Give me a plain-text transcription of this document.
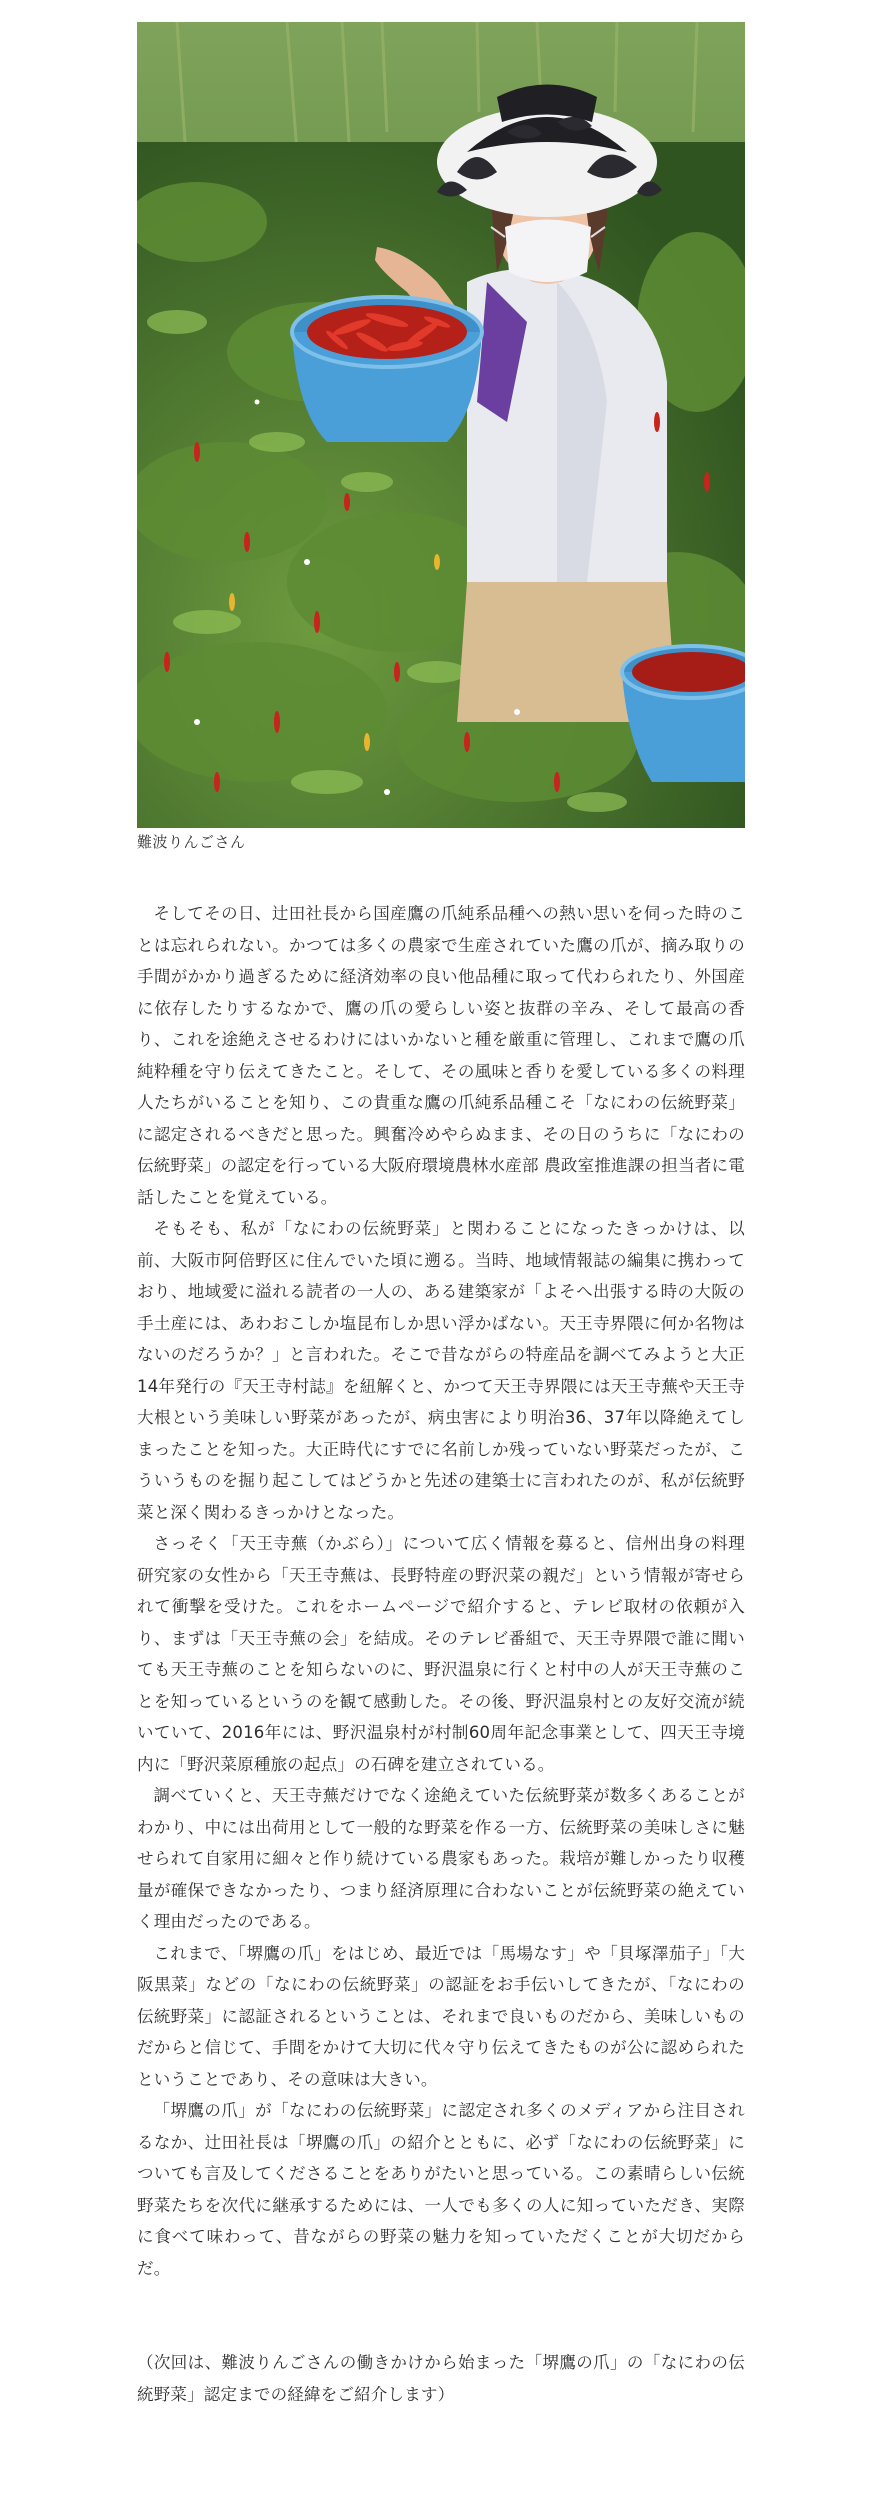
難波りんごさん

そしてその日、辻田社長から国産鷹の爪純系品種への熱い思いを伺った時のことは忘れられない。かつては多くの農家で生産されていた鷹の爪が、摘み取りの手間がかかり過ぎるために経済効率の良い他品種に取って代わられたり、外国産に依存したりするなかで、鷹の爪の愛らしい姿と抜群の辛み、そして最高の香り、これを途絶えさせるわけにはいかないと種を厳重に管理し、これまで鷹の爪純粋種を守り伝えてきたこと。そして、その風味と香りを愛している多くの料理人たちがいることを知り、この貴重な鷹の爪純系品種こそ「なにわの伝統野菜」に認定されるべきだと思った。興奮冷めやらぬまま、その日のうちに「なにわの伝統野菜」の認定を行っている大阪府環境農林水産部 農政室推進課の担当者に電話したことを覚えている。

そもそも、私が「なにわの伝統野菜」と関わることになったきっかけは、以前、大阪市阿倍野区に住んでいた頃に遡る。当時、地域情報誌の編集に携わっており、地域愛に溢れる読者の一人の、ある建築家が「よそへ出張する時の大阪の手土産には、あわおこしか塩昆布しか思い浮かばない。天王寺界隈に何か名物はないのだろうか？」と言われた。そこで昔ながらの特産品を調べてみようと大正14年発行の『天王寺村誌』を紐解くと、かつて天王寺界隈には天王寺蕪や天王寺大根という美味しい野菜があったが、病虫害により明治36、37年以降絶えてしまったことを知った。大正時代にすでに名前しか残っていない野菜だったが、こういうものを掘り起こしてはどうかと先述の建築士に言われたのが、私が伝統野菜と深く関わるきっかけとなった。

さっそく「天王寺蕪（かぶら）」について広く情報を募ると、信州出身の料理研究家の女性から「天王寺蕪は、長野特産の野沢菜の親だ」という情報が寄せられて衝撃を受けた。これをホームページで紹介すると、テレビ取材の依頼が入り、まずは「天王寺蕪の会」を結成。そのテレビ番組で、天王寺界隈で誰に聞いても天王寺蕪のことを知らないのに、野沢温泉に行くと村中の人が天王寺蕪のことを知っているというのを観て感動した。その後、野沢温泉村との友好交流が続いていて、2016年には、野沢温泉村が村制60周年記念事業として、四天王寺境内に「野沢菜原種旅の起点」の石碑を建立されている。

調べていくと、天王寺蕪だけでなく途絶えていた伝統野菜が数多くあることがわかり、中には出荷用として一般的な野菜を作る一方、伝統野菜の美味しさに魅せられて自家用に細々と作り続けている農家もあった。栽培が難しかったり収穫量が確保できなかったり、つまり経済原理に合わないことが伝統野菜の絶えていく理由だったのである。

これまで、「堺鷹の爪」をはじめ、最近では「馬場なす」や「貝塚澤茄子」「大阪黒菜」などの「なにわの伝統野菜」の認証をお手伝いしてきたが、「なにわの伝統野菜」に認証されるということは、それまで良いものだから、美味しいものだからと信じて、手間をかけて大切に代々守り伝えてきたものが公に認められたということであり、その意味は大きい。

「堺鷹の爪」が「なにわの伝統野菜」に認定され多くのメディアから注目されるなか、辻田社長は「堺鷹の爪」の紹介とともに、必ず「なにわの伝統野菜」についても言及してくださることをありがたいと思っている。この素晴らしい伝統野菜たちを次代に継承するためには、一人でも多くの人に知っていただき、実際に食べて味わって、昔ながらの野菜の魅力を知っていただくことが大切だからだ。

（次回は、難波りんごさんの働きかけから始まった「堺鷹の爪」の「なにわの伝統野菜」認定までの経緯をご紹介します）
